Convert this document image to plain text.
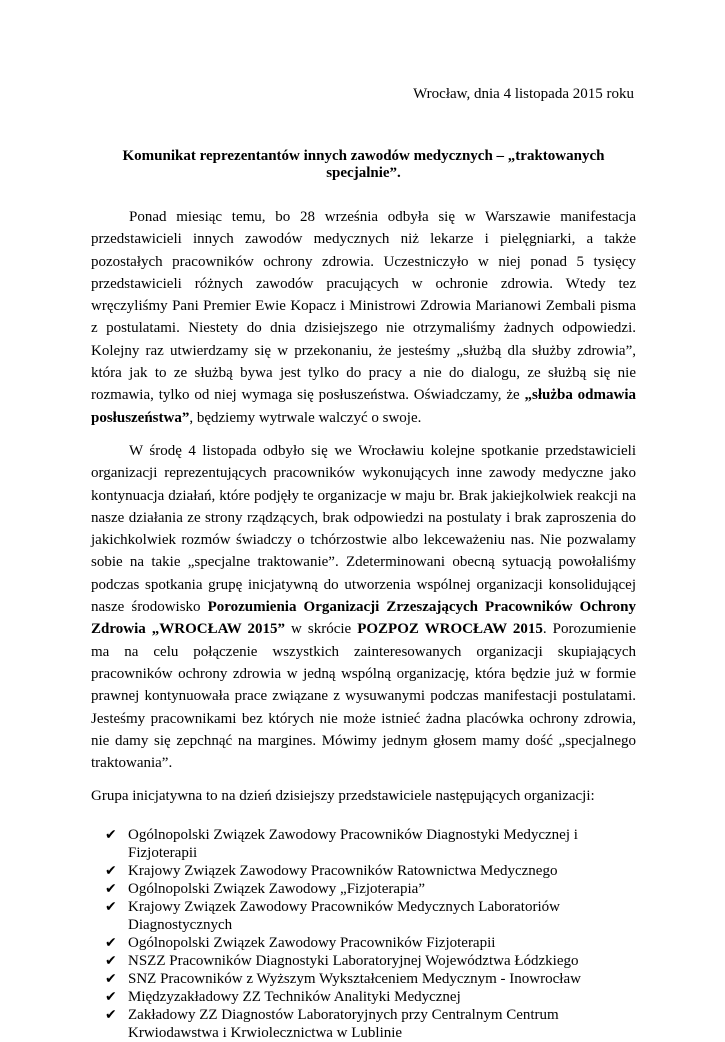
Wrocław, dnia 4 listopada 2015 roku
Komunikat reprezentantów innych zawodów medycznych – „traktowanych specjalnie”.

Ponad miesiąc temu, bo 28 września odbyła się w Warszawie manifestacja przedstawicieli innych zawodów medycznych niż lekarze i pielęgniarki, a także pozostałych pracowników ochrony zdrowia. Uczestniczyło w niej ponad 5 tysięcy przedstawicieli różnych zawodów pracujących w ochronie zdrowia. Wtedy tez wręczyliśmy Pani Premier Ewie Kopacz i Ministrowi Zdrowia Marianowi Zembali pisma z postulatami. Niestety do dnia dzisiejszego nie otrzymaliśmy żadnych odpowiedzi. Kolejny raz utwierdzamy się w przekonaniu, że jesteśmy „służbą dla służby zdrowia”, która jak to ze służbą bywa jest tylko do pracy a nie do dialogu, ze służbą się nie rozmawia, tylko od niej wymaga się posłuszeństwa. Oświadczamy, że „służba odmawia posłuszeństwa”, będziemy wytrwale walczyć o swoje.

W środę 4 listopada odbyło się we Wrocławiu kolejne spotkanie przedstawicieli organizacji reprezentujących pracowników wykonujących inne zawody medyczne jako kontynuacja działań, które podjęły te organizacje w maju br. Brak jakiejkolwiek reakcji na nasze działania ze strony rządzących, brak odpowiedzi na postulaty i brak zaproszenia do jakichkolwiek rozmów świadczy o tchórzostwie albo lekceważeniu nas. Nie pozwalamy sobie na takie „specjalne traktowanie”. Zdeterminowani obecną sytuacją powołaliśmy podczas spotkania grupę inicjatywną do utworzenia wspólnej organizacji konsolidującej nasze środowisko Porozumienia Organizacji Zrzeszających Pracowników Ochrony Zdrowia „WROCŁAW 2015” w skrócie POZPOZ WROCŁAW 2015. Porozumienie ma na celu połączenie wszystkich zainteresowanych organizacji skupiających pracowników ochrony zdrowia w jedną wspólną organizację, która będzie już w formie prawnej kontynuowała prace związane z wysuwanymi podczas manifestacji postulatami. Jesteśmy pracownikami bez których nie może istnieć żadna placówka ochrony zdrowia, nie damy się zepchnąć na margines. Mówimy jednym głosem mamy dość „specjalnego traktowania”.

Grupa inicjatywna to na dzień dzisiejszy przedstawiciele następujących organizacji:

✔ Ogólnopolski Związek Zawodowy Pracowników Diagnostyki Medycznej i Fizjoterapii
✔ Krajowy Związek Zawodowy Pracowników Ratownictwa Medycznego
✔ Ogólnopolski Związek Zawodowy „Fizjoterapia”
✔ Krajowy Związek Zawodowy Pracowników Medycznych Laboratoriów Diagnostycznych
✔ Ogólnopolski Związek Zawodowy Pracowników Fizjoterapii
✔ NSZZ Pracowników Diagnostyki Laboratoryjnej Województwa Łódzkiego
✔ SNZ Pracowników z Wyższym Wykształceniem Medycznym - Inowrocław
✔ Międzyzakładowy ZZ Techników Analityki Medycznej
✔ Zakładowy ZZ Diagnostów Laboratoryjnych przy Centralnym Centrum Krwiodawstwa i Krwiolecznictwa w Lublinie
